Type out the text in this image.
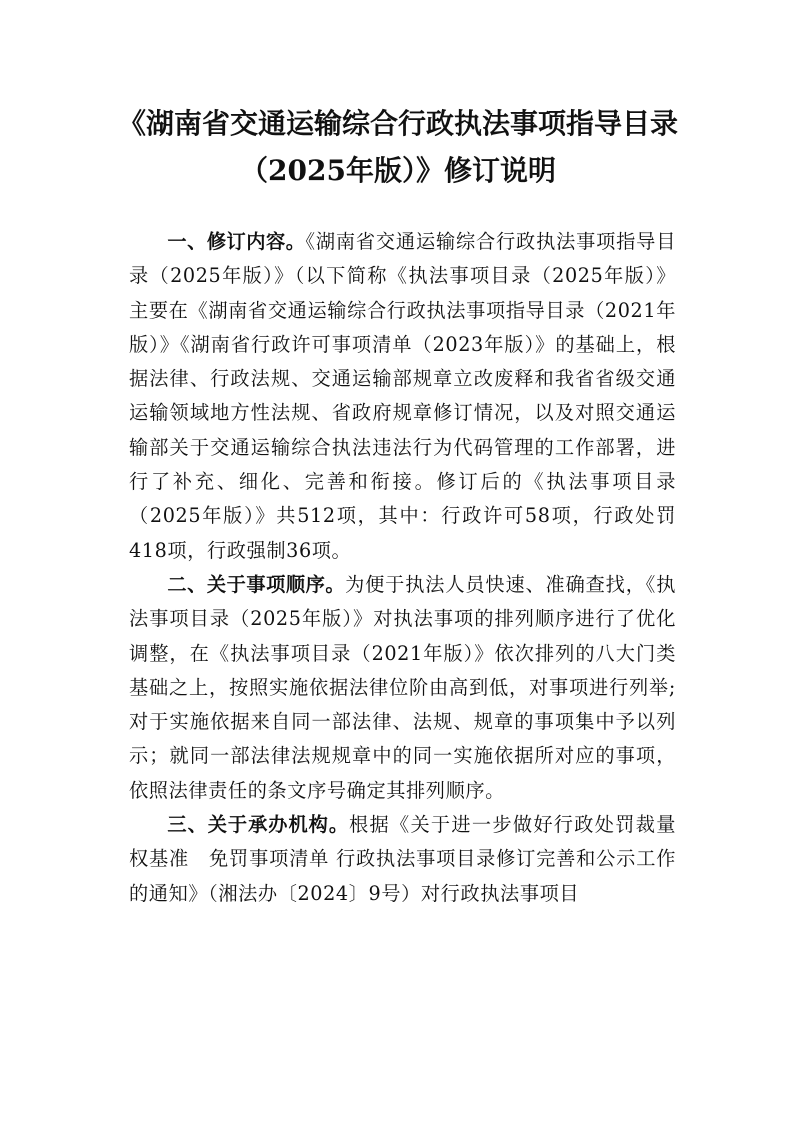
《湖南省交通运输综合行政执法事项指导目录
（2025年版）》修订说明

一、修订内容。《湖南省交通运输综合行政执法事项指导目录（2025年版）》（以下简称《执法事项目录（2025年版）》主要在《湖南省交通运输综合行政执法事项指导目录（2021年版）》《湖南省行政许可事项清单（2023年版）》的基础上，根据法律、行政法规、交通运输部规章立改废释和我省省级交通运输领域地方性法规、省政府规章修订情况，以及对照交通运输部关于交通运输综合执法违法行为代码管理的工作部署，进行了补充、细化、完善和衔接。修订后的《执法事项目录（2025年版）》共512项，其中：行政许可58项，行政处罚418项，行政强制36项。

二、关于事项顺序。为便于执法人员快速、准确查找，《执法事项目录（2025年版）》对执法事项的排列顺序进行了优化调整，在《执法事项目录（2021年版）》依次排列的八大门类基础之上，按照实施依据法律位阶由高到低，对事项进行列举;对于实施依据来自同一部法律、法规、规章的事项集中予以列示；就同一部法律法规规章中的同一实施依据所对应的事项，依照法律责任的条文序号确定其排列顺序。

三、关于承办机构。根据《关于进一步做好行政处罚裁量权基准　免罚事项清单 行政执法事项目录修订完善和公示工作的通知》（湘法办〔2024〕9号）对行政执法事项目
